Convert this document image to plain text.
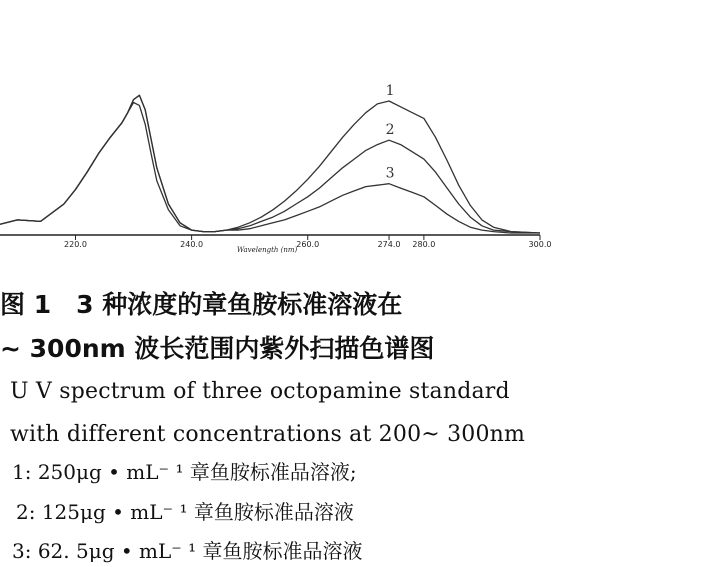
220.0	240.0	260.0	274.0 280.0	300.0
Wavelength (nm)
1
2
3
图 1　3 种浓度的章鱼胺标准溶液在
~ 300nm 波长范围内紫外扫描色谱图
U V spectrum of three octopamine standard
with different concentrations at 200~ 300nm
1: 250μg • mL⁻ ¹ 章鱼胺标准品溶液;
2: 125μg • mL⁻ ¹ 章鱼胺标准品溶液
3: 62. 5μg • mL⁻ ¹ 章鱼胺标准品溶液
